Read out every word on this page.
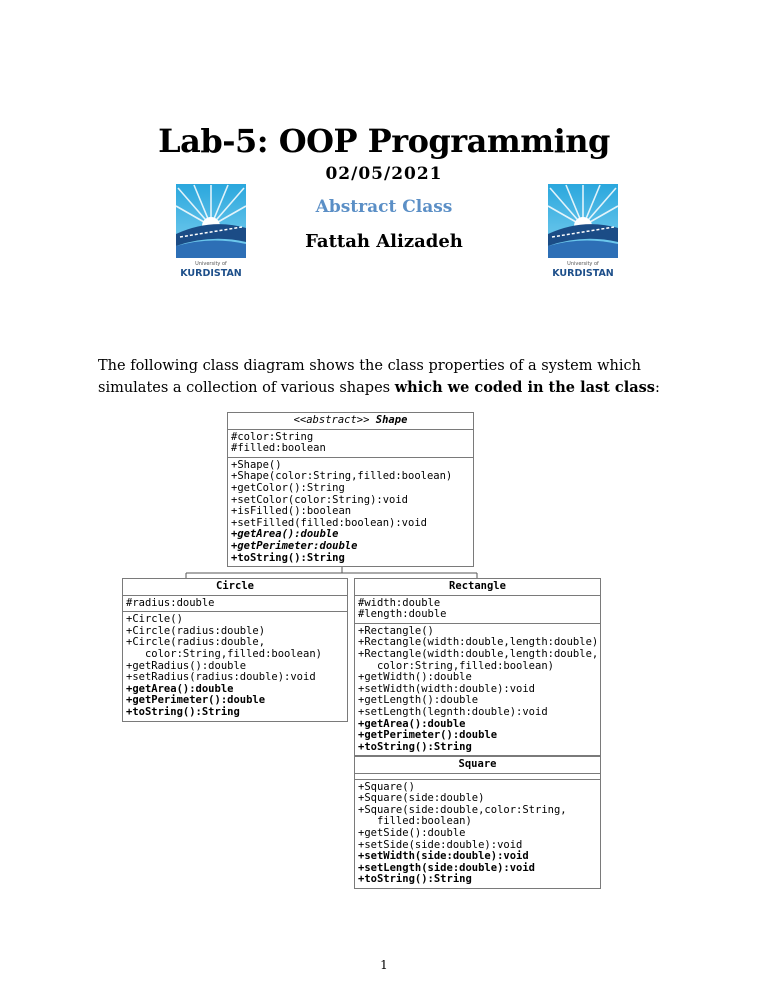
Lab-5: OOP Programming
02/05/2021
Abstract Class
Fattah Alizadeh
University of
KURDISTAN
University of
KURDISTAN
The following class diagram shows the class properties of a system which simulates a collection of various shapes which we coded in the last class:
<<abstract>> Shape
#color:String
#filled:boolean
+Shape()
+Shape(color:String,filled:boolean)
+getColor():String
+setColor(color:String):void
+isFilled():boolean
+setFilled(filled:boolean):void
+getArea():double
+getPerimeter:double
+toString():String
Circle
#radius:double
+Circle()
+Circle(radius:double)
+Circle(radius:double,
color:String,filled:boolean)
+getRadius():double
+setRadius(radius:double):void
+getArea():double
+getPerimeter():double
+toString():String
Rectangle
#width:double
#length:double
+Rectangle()
+Rectangle(width:double,length:double)
+Rectangle(width:double,length:double,
color:String,filled:boolean)
+getWidth():double
+setWidth(width:double):void
+getLength():double
+setLength(legnth:double):void
+getArea():double
+getPerimeter():double
+toString():String
Square
+Square()
+Square(side:double)
+Square(side:double,color:String,
filled:boolean)
+getSide():double
+setSide(side:double):void
+setWidth(side:double):void
+setLength(side:double):void
+toString():String
1
